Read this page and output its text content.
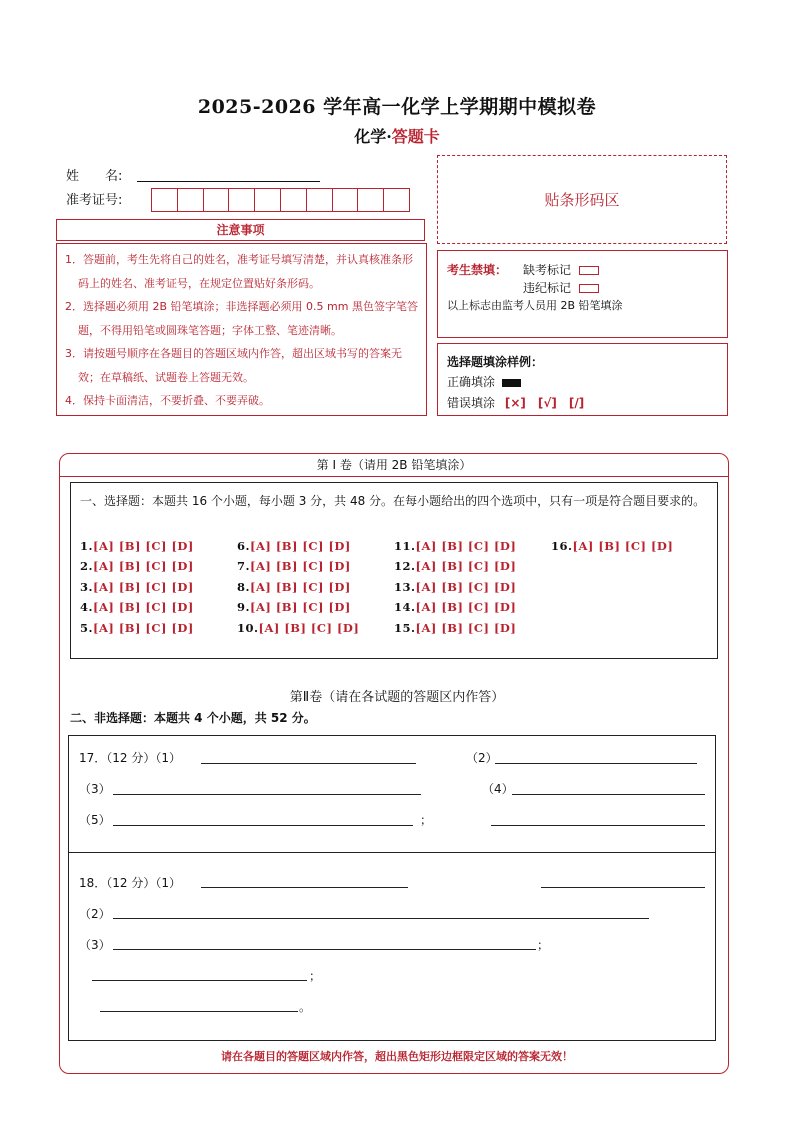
2025-2026 学年高一化学上学期期中模拟卷
化学·答题卡
姓　　名:
准考证号:	贴条形码区
注意事项

1．答题前，考生先将自己的姓名，准考证号填写清楚，并认真核准条形码上的姓名、准考证号，在规定位置贴好条形码。

2．选择题必须用 2B 铅笔填涂；非选择题必须用 0.5 mm 黑色签字笔答题，不得用铅笔或圆珠笔答题；字体工整、笔迹清晰。

3．请按题号顺序在各题目的答题区域内作答，超出区域书写的答案无效；在草稿纸、试题卷上答题无效。

4．保持卡面清洁，不要折叠、不要弄破。

考生禁填： 缺考标记
违纪标记
以上标志由监考人员用 2B 铅笔填涂
选择题填涂样例：
正确填涂
错误填涂 [×]　[√]　[/]
第 I 卷（请用 2B 铅笔填涂）
一、选择题：本题共 16 个小题，每小题 3 分，共 48 分。在每小题给出的四个选项中，只有一项是符合题目要求的。
1.[A] [B] [C] [D]
2.[A] [B] [C] [D]
3.[A] [B] [C] [D]
4.[A] [B] [C] [D]
5.[A] [B] [C] [D]
6.[A] [B] [C] [D]
7.[A] [B] [C] [D]
8.[A] [B] [C] [D]
9.[A] [B] [C] [D]
10.[A] [B] [C] [D]
11.[A] [B] [C] [D]
12.[A] [B] [C] [D]
13.[A] [B] [C] [D]
14.[A] [B] [C] [D]
15.[A] [B] [C] [D]
16.[A] [B] [C] [D]
第Ⅱ卷（请在各试题的答题区内作答）
二、非选择题：本题共 4 个小题，共 52 分。
17．（12 分）（1）	（2）
（3）	（4）
（5）	；
18．（12 分）（1）
（2）
（3）	；
；
。
请在各题目的答题区域内作答，超出黑色矩形边框限定区域的答案无效！
